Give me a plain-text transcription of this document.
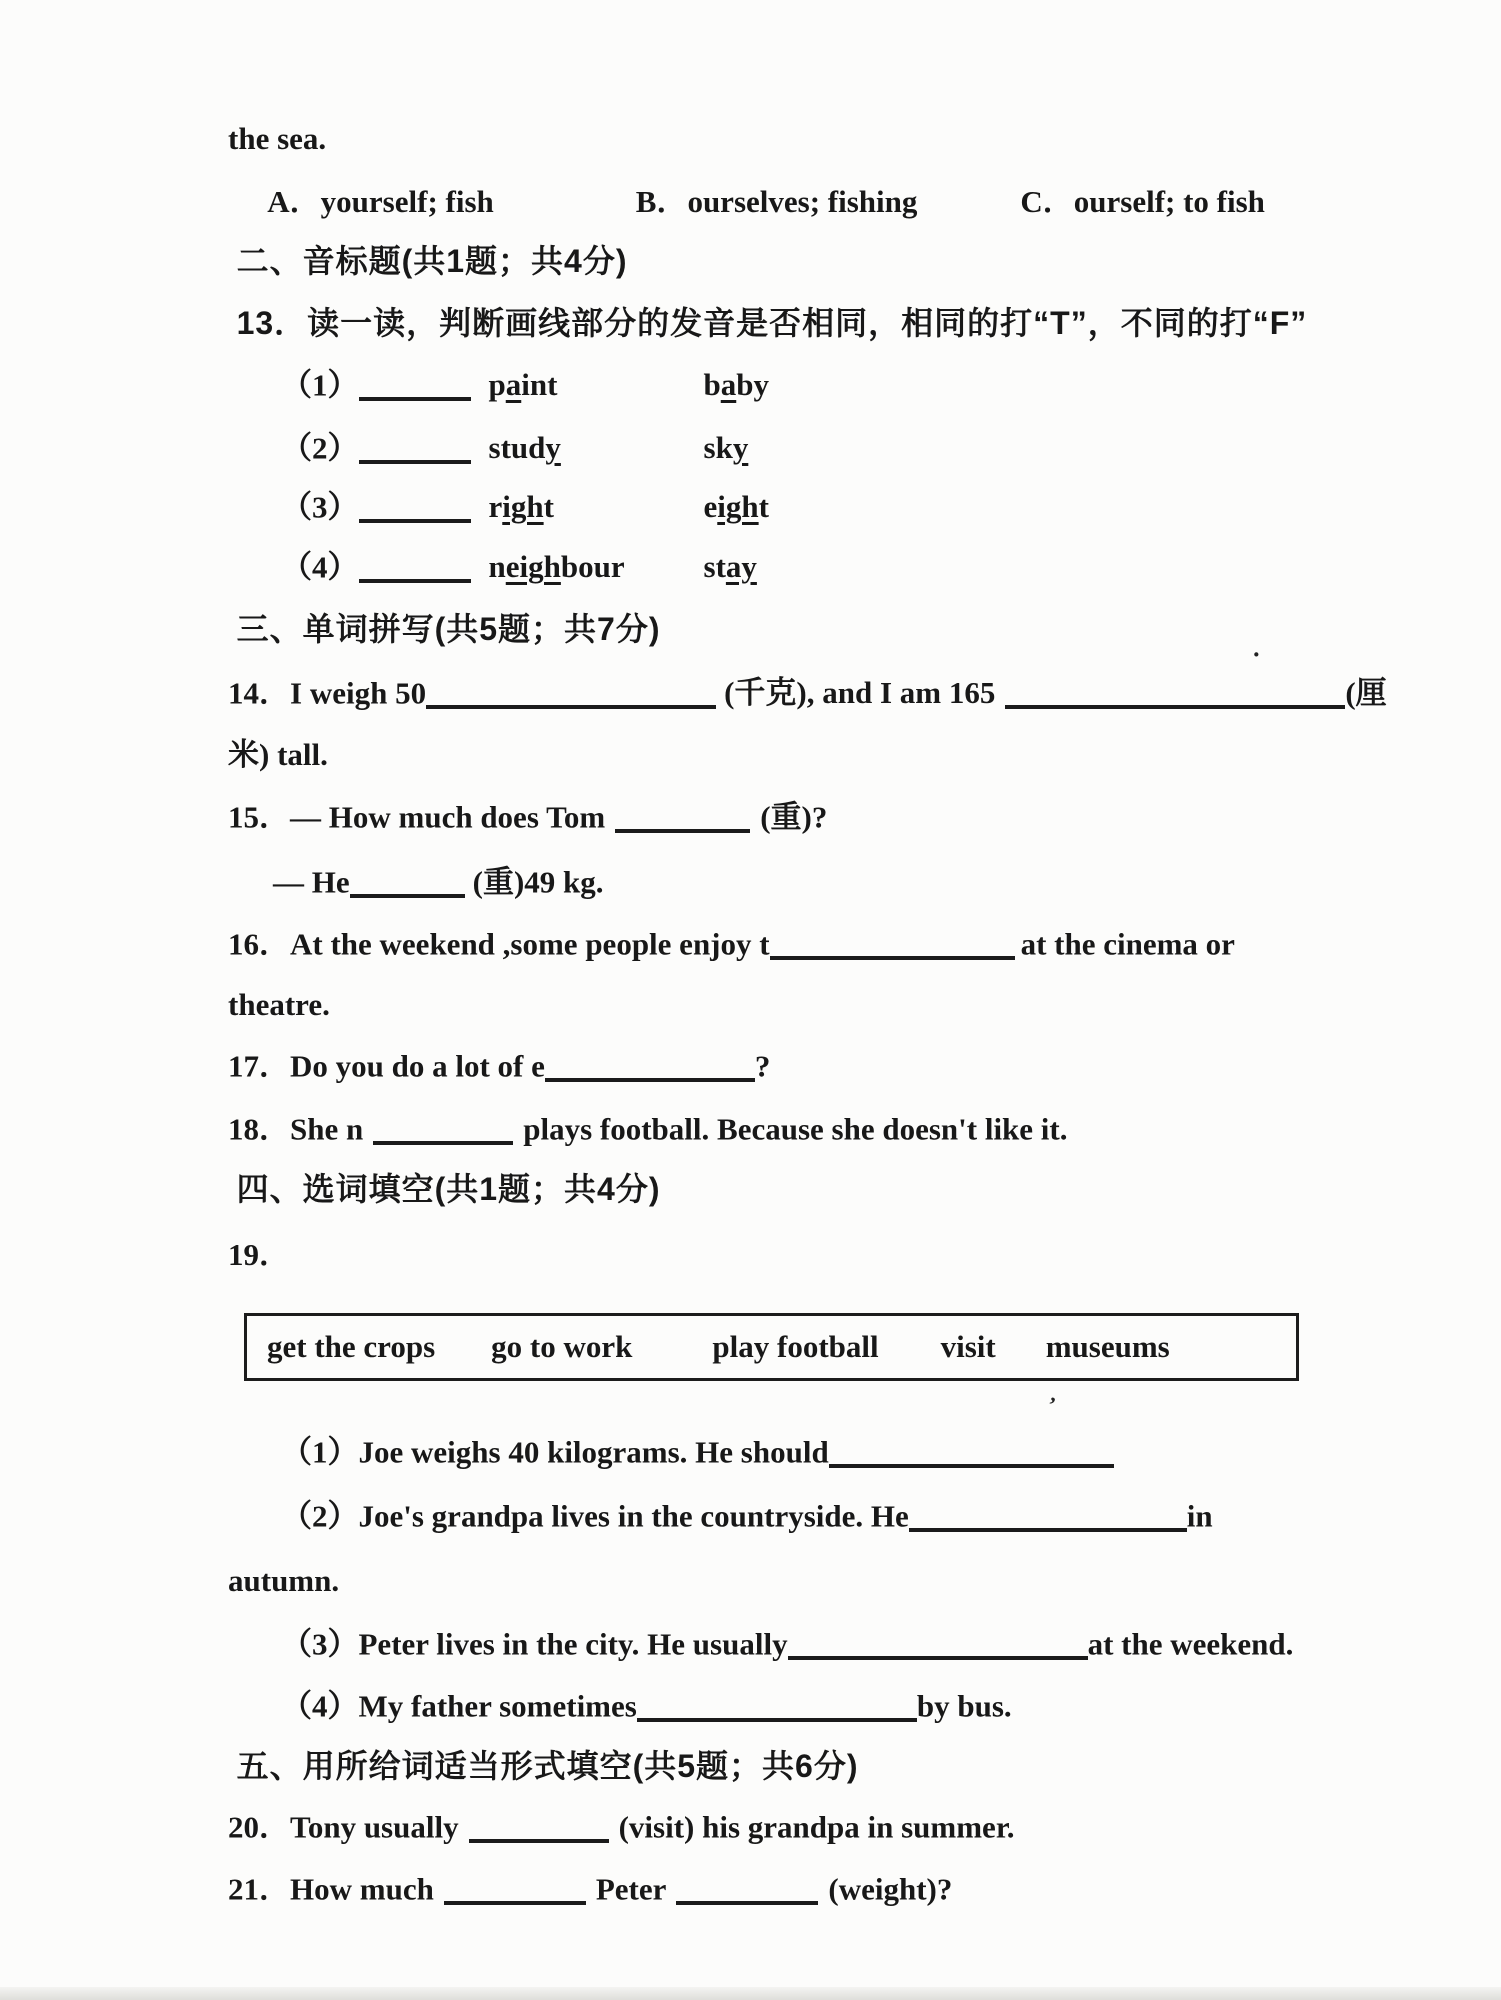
the sea.

A．yourself; fish	B．ourselves; fishing	C．ourself; to fish

二、音标题(共1题；共4分)

13．读一读，判断画线部分的发音是否相同，相同的打“T”，不同的打“F”

（1）	paint	baby

（2）	study	sky

（3）	right	eight

（4）	neighbour	stay

三、单词拼写(共5题；共7分)

14．I weigh 50	(千克), and I am 165	(厘

·

米) tall.

15．— How much does Tom	(重)?

— He	(重)49 kg.

16．At the weekend ,some people enjoy t	at the cinema or

theatre.

17．Do you do a lot of e	?

18．She n	plays football. Because she doesn't like it.

四、选词填空(共1题；共4分)

19．

get the crops go to work	play football visit museums

（1）Joe weighs 40 kilograms. He should

ʼ

（2）Joe's grandpa lives in the countryside. He	in

autumn.

（3）Peter lives in the city. He usually	at the weekend.

（4）My father sometimes	by bus.

五、用所给词适当形式填空(共5题；共6分)

20．Tony usually	(visit) his grandpa in summer.

21．How much	Peter	(weight)?
